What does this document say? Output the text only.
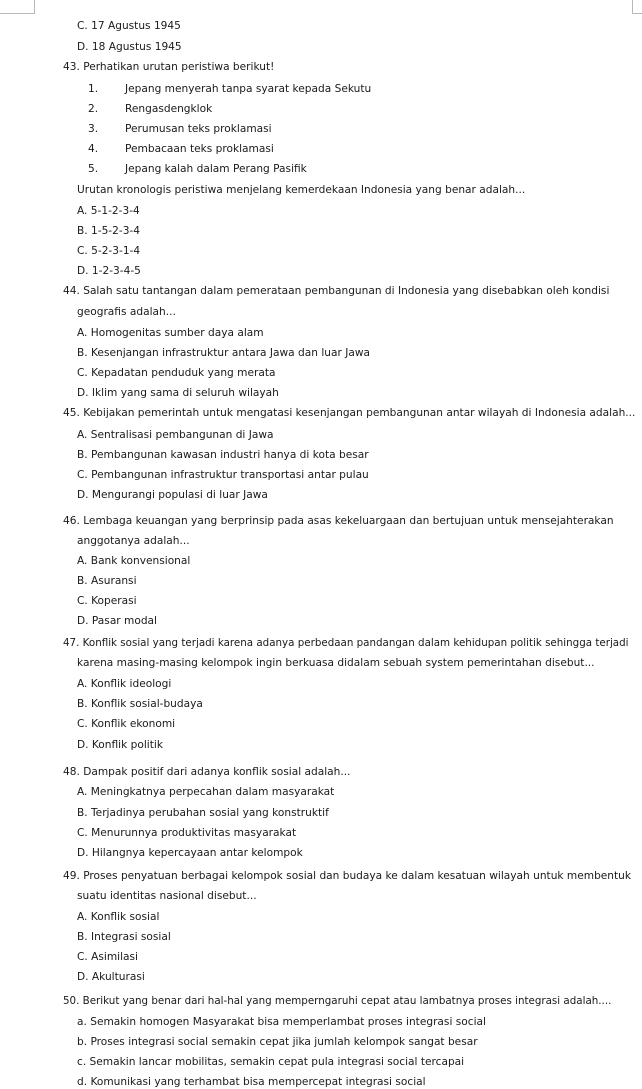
C. 17 Agustus 1945
D. 18 Agustus 1945
43. Perhatikan urutan peristiwa berikut!
1.	Jepang menyerah tanpa syarat kepada Sekutu
2.	Rengasdengklok
3.	Perumusan teks proklamasi
4.	Pembacaan teks proklamasi
5.	Jepang kalah dalam Perang Pasifik
Urutan kronologis peristiwa menjelang kemerdekaan Indonesia yang benar adalah...
A. 5-1-2-3-4
B. 1-5-2-3-4
C. 5-2-3-1-4
D. 1-2-3-4-5
44. Salah satu tantangan dalam pemerataan pembangunan di Indonesia yang disebabkan oleh kondisi
geografis adalah...
A. Homogenitas sumber daya alam
B. Kesenjangan infrastruktur antara Jawa dan luar Jawa
C. Kepadatan penduduk yang merata
D. Iklim yang sama di seluruh wilayah
45. Kebijakan pemerintah untuk mengatasi kesenjangan pembangunan antar wilayah di Indonesia adalah...
A. Sentralisasi pembangunan di Jawa
B. Pembangunan kawasan industri hanya di kota besar
C. Pembangunan infrastruktur transportasi antar pulau
D. Mengurangi populasi di luar Jawa
46. Lembaga keuangan yang berprinsip pada asas kekeluargaan dan bertujuan untuk mensejahterakan
anggotanya adalah...
A. Bank konvensional
B. Asuransi
C. Koperasi
D. Pasar modal
47. Konflik sosial yang terjadi karena adanya perbedaan pandangan dalam kehidupan politik sehingga terjadi
karena masing-masing kelompok ingin berkuasa didalam sebuah system pemerintahan disebut...
A. Konflik ideologi
B. Konflik sosial-budaya
C. Konflik ekonomi
D. Konflik politik
48. Dampak positif dari adanya konflik sosial adalah...
A. Meningkatnya perpecahan dalam masyarakat
B. Terjadinya perubahan sosial yang konstruktif
C. Menurunnya produktivitas masyarakat
D. Hilangnya kepercayaan antar kelompok
49. Proses penyatuan berbagai kelompok sosial dan budaya ke dalam kesatuan wilayah untuk membentuk
suatu identitas nasional disebut...
A. Konflik sosial
B. Integrasi sosial
C. Asimilasi
D. Akulturasi
50. Berikut yang benar dari hal-hal yang memperngaruhi cepat atau lambatnya proses integrasi adalah....
a. Semakin homogen Masyarakat bisa memperlambat proses integrasi social
b. Proses integrasi social semakin cepat jika jumlah kelompok sangat besar
c. Semakin lancar mobilitas, semakin cepat pula integrasi social tercapai
d. Komunikasi yang terhambat bisa mempercepat integrasi social
